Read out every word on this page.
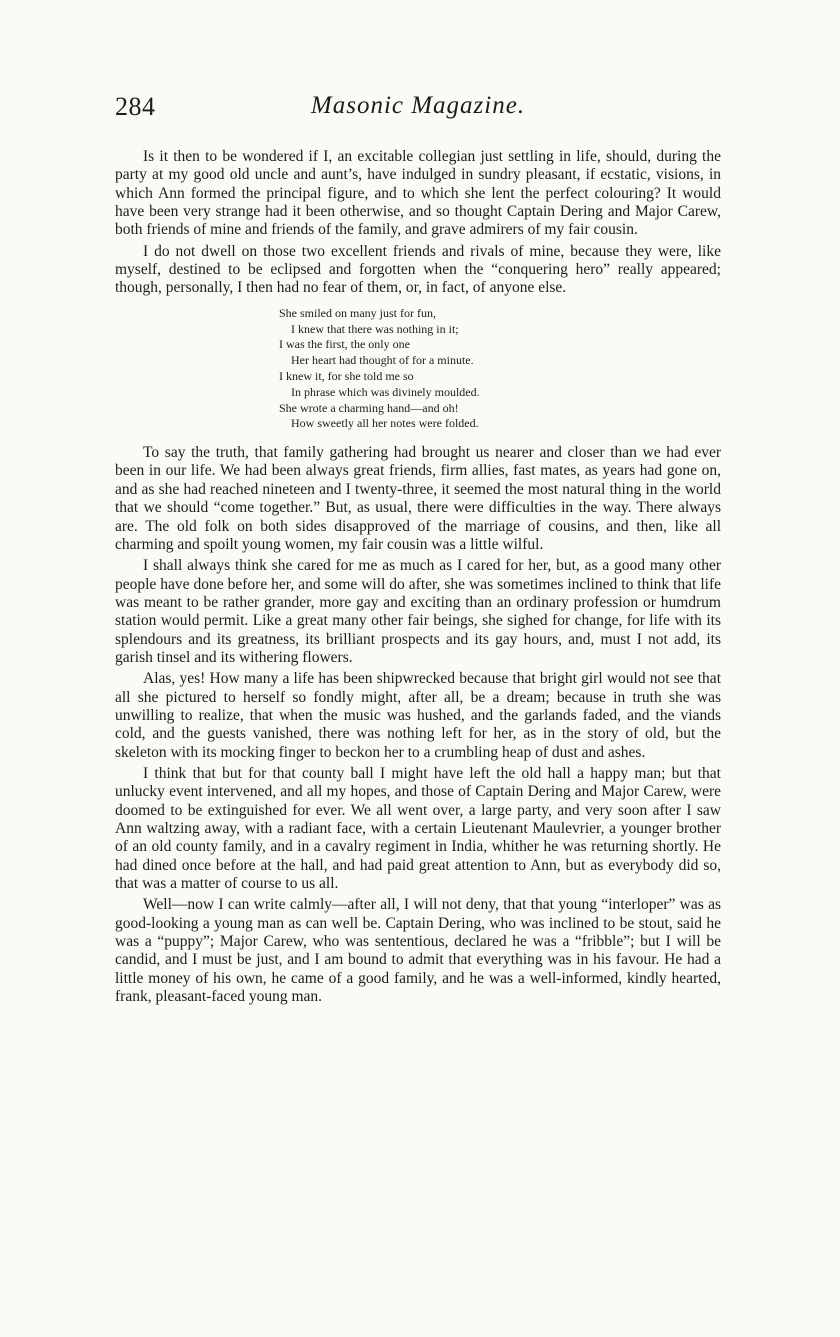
284	Masonic Magazine.

Is it then to be wondered if I, an excitable collegian just settling in life, should, during the party at my good old uncle and aunt’s, have indulged in sundry pleasant, if ecstatic, visions, in which Ann formed the principal figure, and to which she lent the perfect colouring? It would have been very strange had it been otherwise, and so thought Captain Dering and Major Carew, both friends of mine and friends of the family, and grave admirers of my fair cousin.

I do not dwell on those two excellent friends and rivals of mine, because they were, like myself, destined to be eclipsed and forgotten when the “conquering hero” really appeared; though, personally, I then had no fear of them, or, in fact, of anyone else.

She smiled on many just for fun,
I knew that there was nothing in it;
I was the first, the only one
Her heart had thought of for a minute.
I knew it, for she told me so
In phrase which was divinely moulded.
She wrote a charming hand—and oh!
How sweetly all her notes were folded.

To say the truth, that family gathering had brought us nearer and closer than we had ever been in our life. We had been always great friends, firm allies, fast mates, as years had gone on, and as she had reached nineteen and I twenty-three, it seemed the most natural thing in the world that we should “come together.” But, as usual, there were difficulties in the way. There always are. The old folk on both sides disapproved of the marriage of cousins, and then, like all charming and spoilt young women, my fair cousin was a little wilful.

I shall always think she cared for me as much as I cared for her, but, as a good many other people have done before her, and some will do after, she was sometimes inclined to think that life was meant to be rather grander, more gay and exciting than an ordinary profession or humdrum station would permit. Like a great many other fair beings, she sighed for change, for life with its splendours and its greatness, its brilliant prospects and its gay hours, and, must I not add, its garish tinsel and its withering flowers.

Alas, yes! How many a life has been shipwrecked because that bright girl would not see that all she pictured to herself so fondly might, after all, be a dream; because in truth she was unwilling to realize, that when the music was hushed, and the garlands faded, and the viands cold, and the guests vanished, there was nothing left for her, as in the story of old, but the skeleton with its mocking finger to beckon her to a crumbling heap of dust and ashes.

I think that but for that county ball I might have left the old hall a happy man; but that unlucky event intervened, and all my hopes, and those of Captain Dering and Major Carew, were doomed to be extinguished for ever. We all went over, a large party, and very soon after I saw Ann waltzing away, with a radiant face, with a certain Lieutenant Maulevrier, a younger brother of an old county family, and in a cavalry regiment in India, whither he was returning shortly. He had dined once before at the hall, and had paid great attention to Ann, but as everybody did so, that was a matter of course to us all.

Well—now I can write calmly—after all, I will not deny, that that young “interloper” was as good-looking a young man as can well be. Captain Dering, who was inclined to be stout, said he was a “puppy”; Major Carew, who was sententious, declared he was a “fribble”; but I will be candid, and I must be just, and I am bound to admit that everything was in his favour. He had a little money of his own, he came of a good family, and he was a well-informed, kindly hearted, frank, pleasant-faced young man.
